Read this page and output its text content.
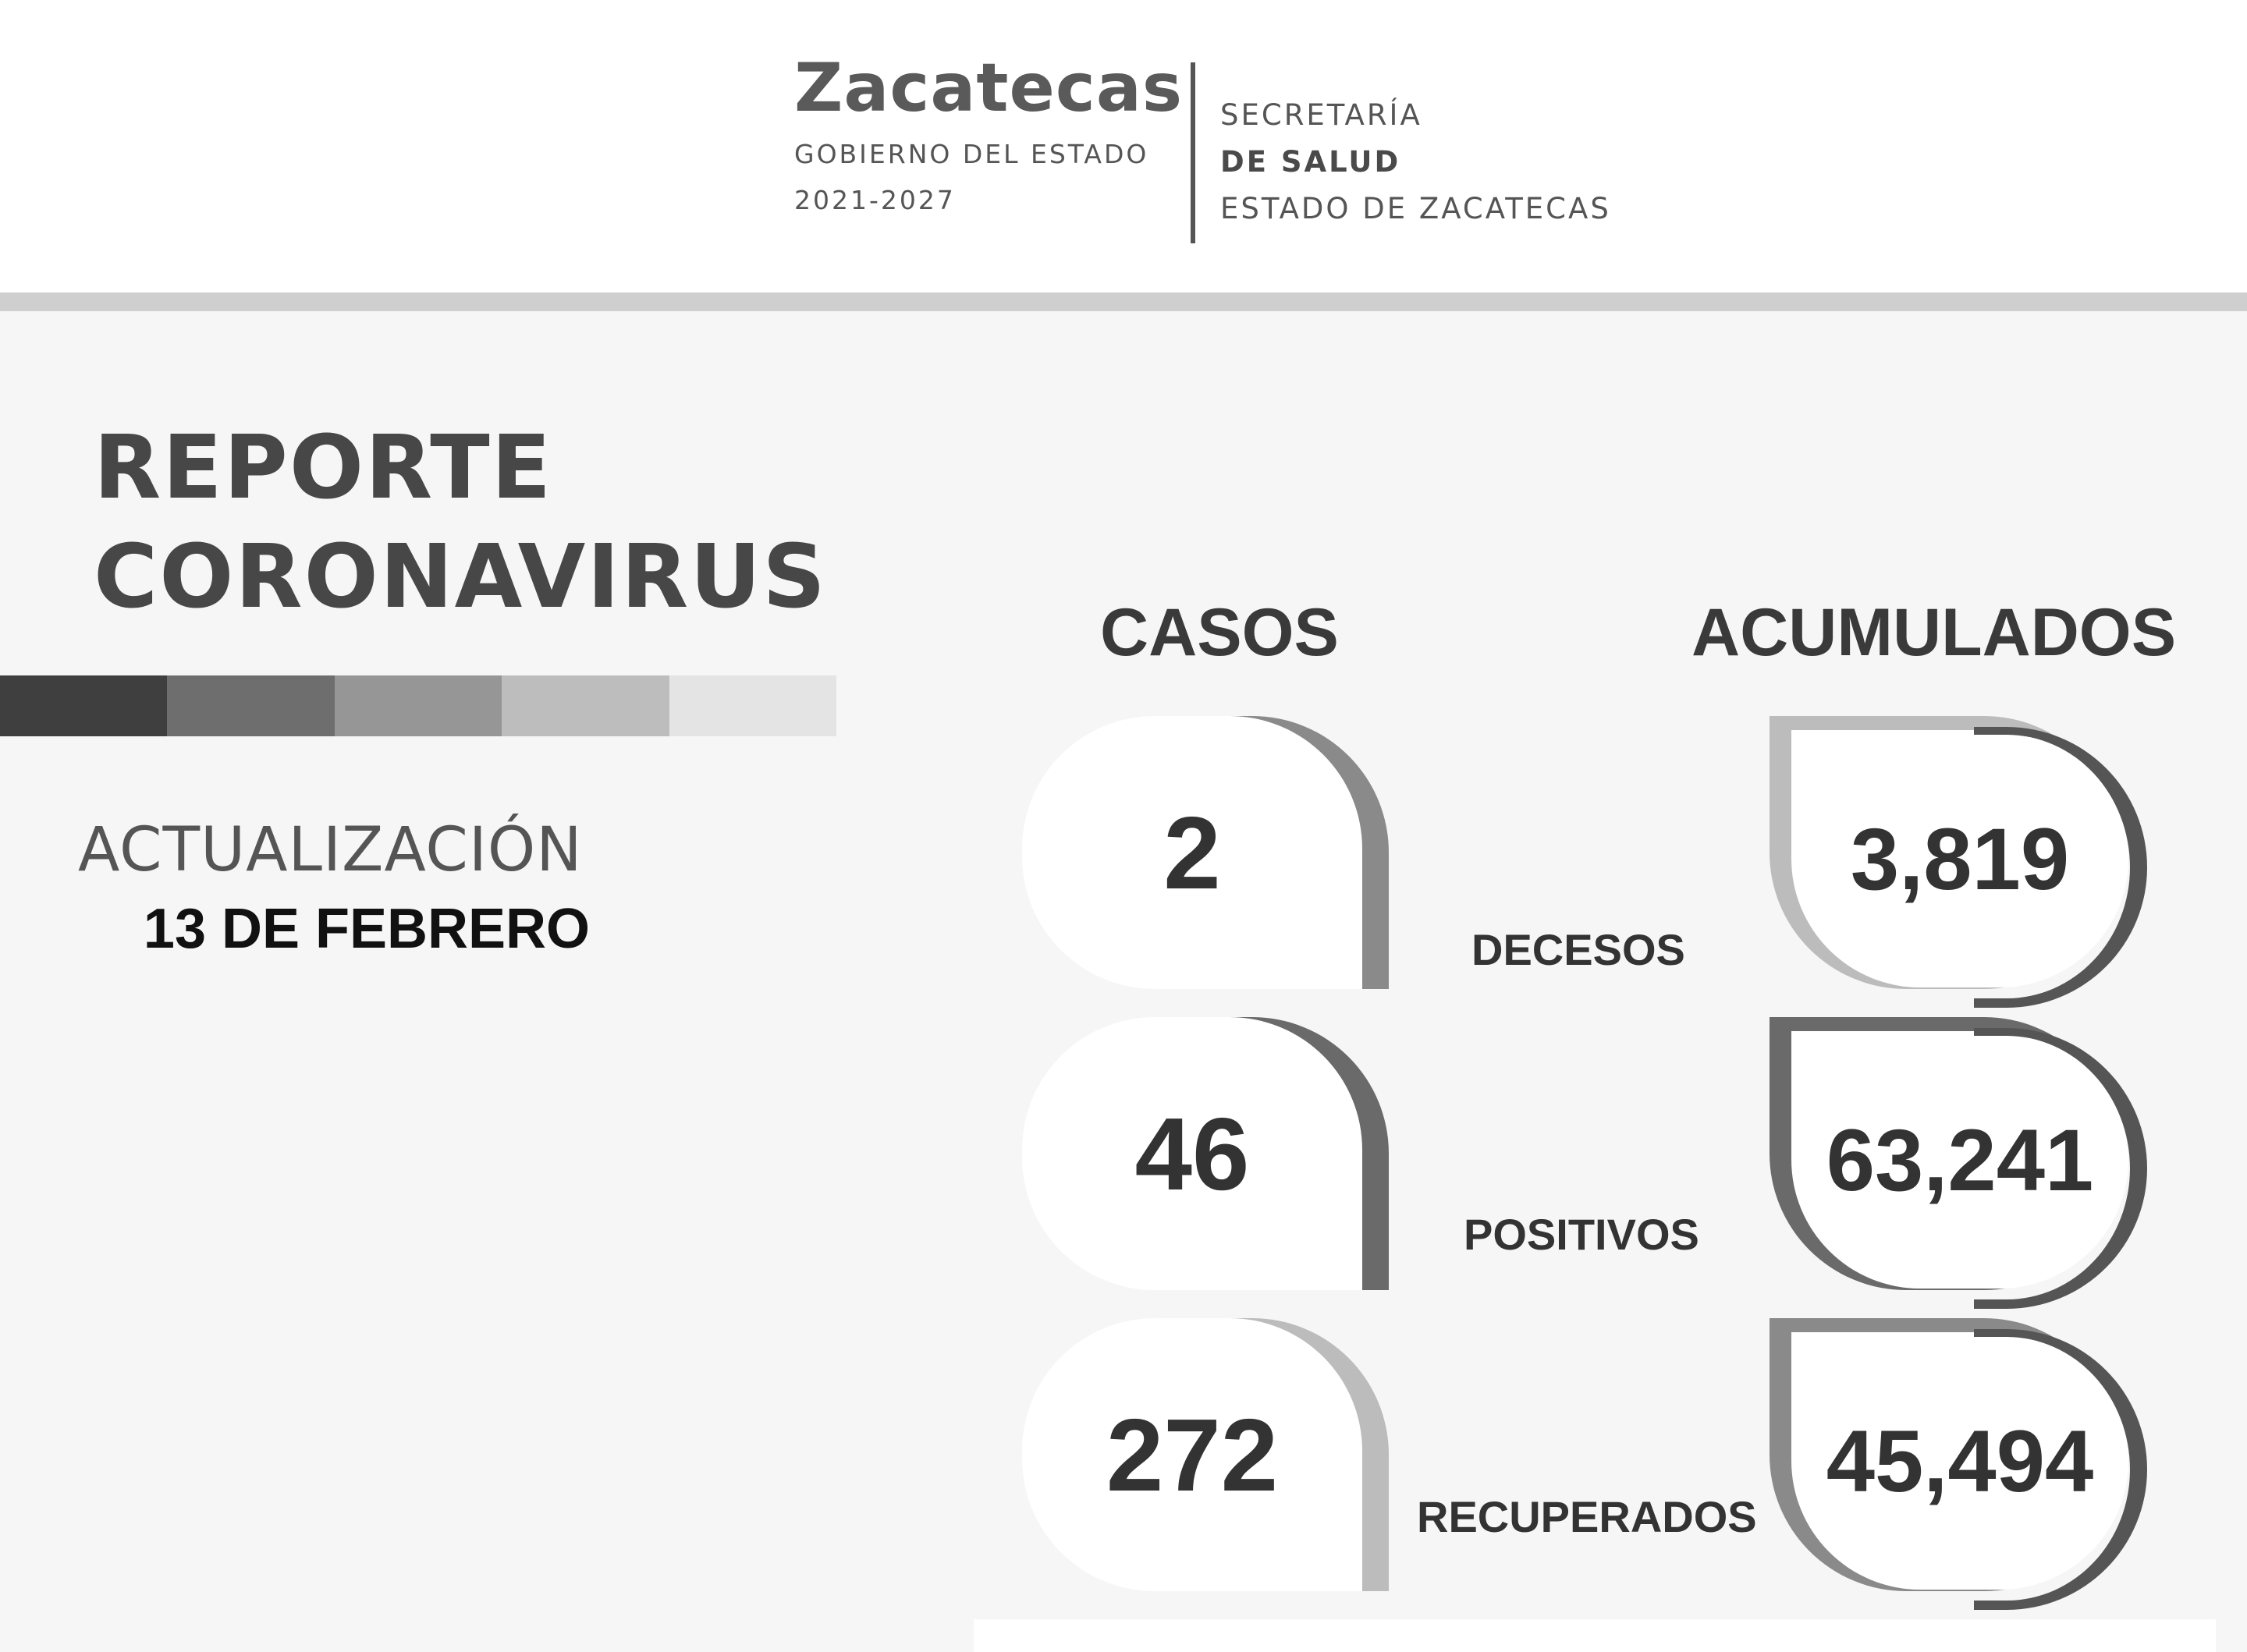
Zacatecas
GOBIERNO DEL ESTADO
2021-2027
SECRETARÍA
DE SALUD
ESTADO DE ZACATECAS
REPORTE
CORONAVIRUS
ACTUALIZACIÓN
13 DE FEBRERO
CASOS	ACUMULADOS
2
DECESOS
3,819
46
POSITIVOS
63,241
272
RECUPERADOS
45,494
